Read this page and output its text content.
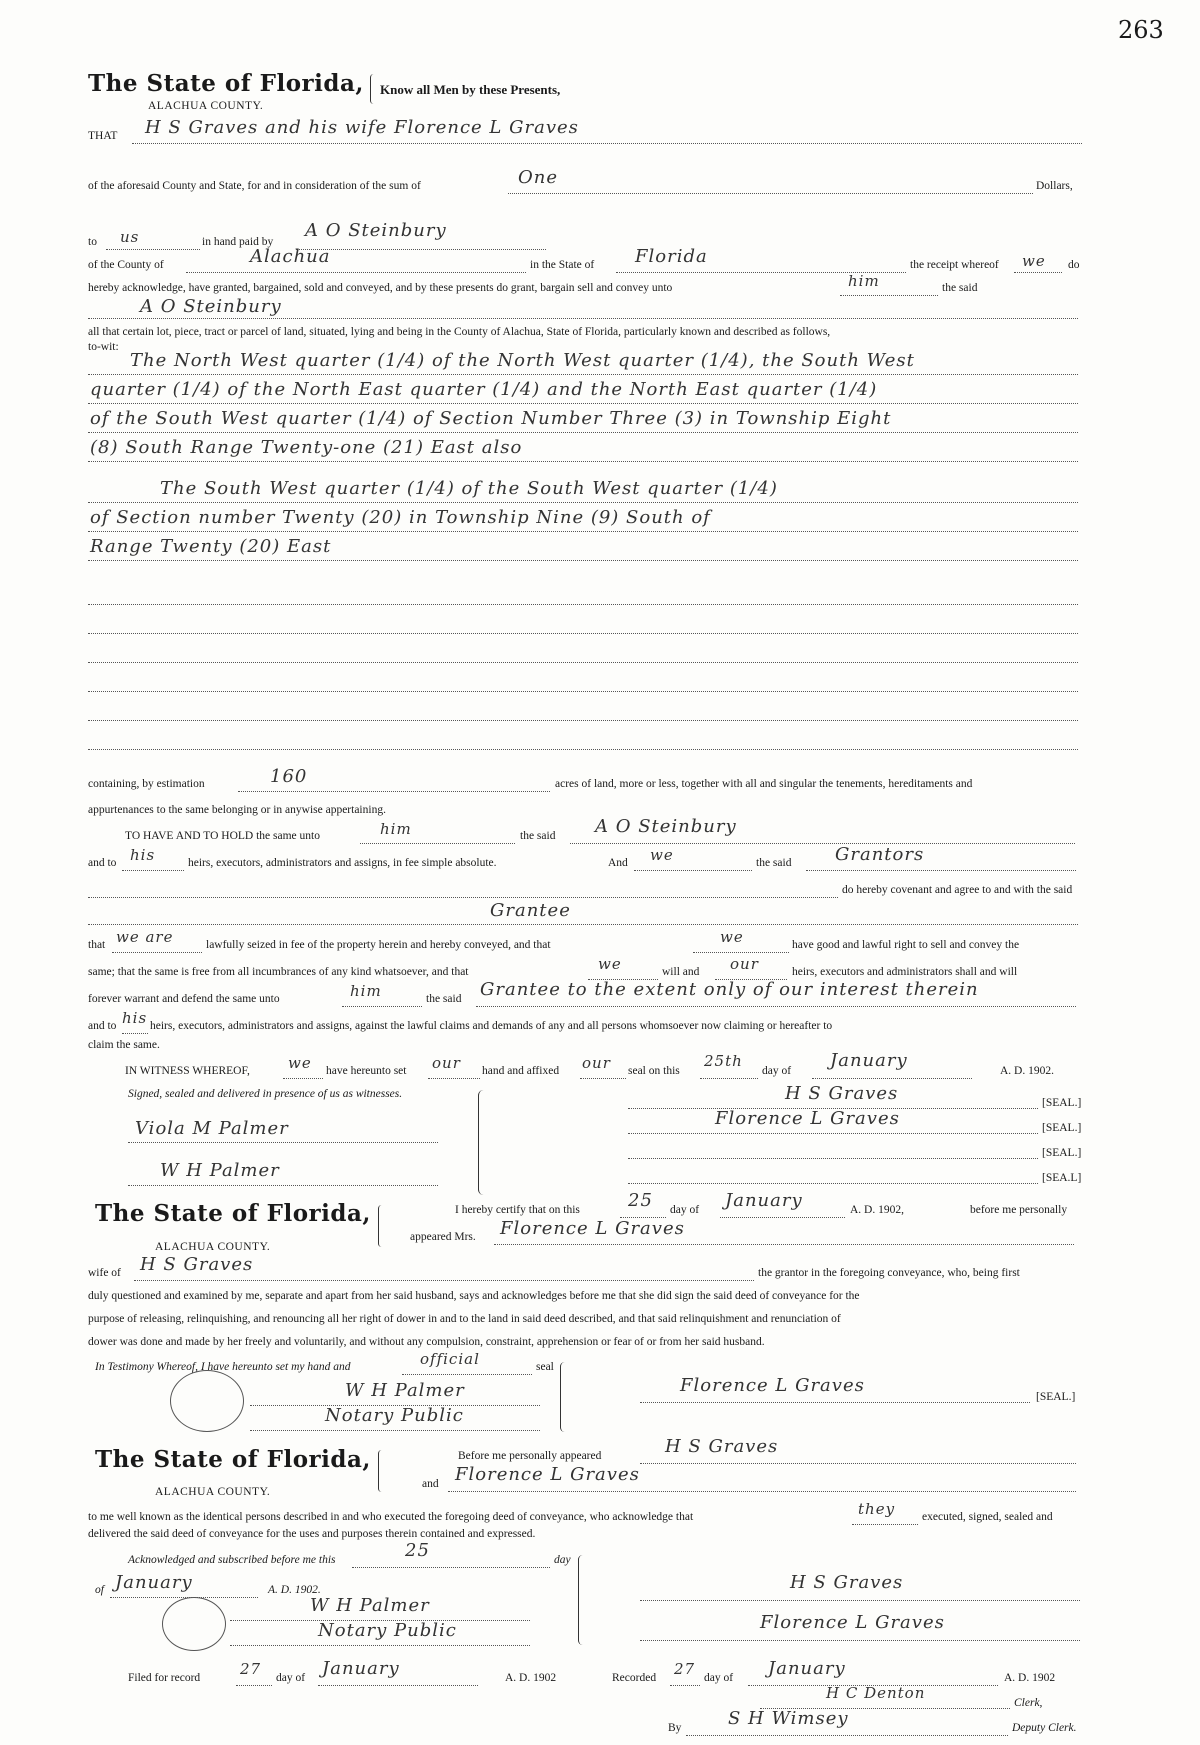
263
The State of Florida, Know all Men by these Presents,
ALACHUA COUNTY.
THAT H S Graves and his wife Florence L Graves
of the aforesaid County and State, for and in consideration of the sum of	One	Dollars,
to us	in hand paid by
A O Steinbury
of the County of	Alachua	in the State of Florida	the receipt whereof we do
hereby acknowledge, have granted, bargained, sold and conveyed, and by these presents do grant, bargain sell and convey unto	him	the said
A O Steinbury
all that certain lot, piece, tract or parcel of land, situated, lying and being in the County of Alachua, State of Florida, particularly known and described as follows,
to-wit:
The North West quarter (1/4) of the North West quarter (1/4), the South West
quarter (1/4) of the North East quarter (1/4) and the North East quarter (1/4)
of the South West quarter (1/4) of Section Number Three (3) in Township Eight
(8) South Range Twenty-one (21) East also
The South West quarter (1/4) of the South West quarter (1/4)
of Section number Twenty (20) in Township Nine (9) South of
Range Twenty (20) East
containing, by estimation	160	acres of land, more or less, together with all and singular the tenements, hereditaments and
appurtenances to the same belonging or in anywise appertaining.
TO HAVE AND TO HOLD the same unto	him	the said A O Steinbury
and to his	heirs, executors, administrators and assigns, in fee simple absolute.	And we	the said Grantors
do hereby covenant and agree to and with the said
Grantee
that we are	lawfully seized in fee of the property herein and hereby conveyed, and that	we	have good and lawful right to sell and convey the
same; that the same is free from all incumbrances of any kind whatsoever, and that	we	will and our	heirs, executors and administrators shall and will
forever warrant and defend the same unto	him	the said Grantee to the extent only of our interest therein
and to his heirs, executors, administrators and assigns, against the lawful claims and demands of any and all persons whomsoever now claiming or hereafter to
claim the same.
IN WITNESS WHEREOF,	we have hereunto set our hand and affixed our seal on this
25th
day of January	A. D. 1902.
Signed, sealed and delivered in presence of us as witnesses.
Viola M Palmer
W H Palmer
H S Graves	[SEAL.]
Florence L Graves	[SEAL.]
[SEAL.]
[SEA.L]
The State of Florida,
ALACHUA COUNTY.
I hereby certify that on this	25 day of January	A. D. 1902,	before me personally
appeared Mrs. Florence L Graves
wife of H S Graves	the grantor in the foregoing conveyance, who, being first
duly questioned and examined by me, separate and apart from her said husband, says and acknowledges before me that she did sign the said deed of conveyance for the
purpose of releasing, relinquishing, and renouncing all her right of dower in and to the land in said deed described, and that said relinquishment and renunciation of
dower was done and made by her freely and voluntarily, and without any compulsion, constraint, apprehension or fear of or from her said husband.
In Testimony Whereof, I have hereunto set my hand and	official	seal
W H Palmer
Notary Public
Florence L Graves
[SEAL.]
The State of Florida,
ALACHUA COUNTY.
Before me personally appeared	H S Graves
and Florence L Graves
to me well known as the identical persons described in and who executed the foregoing deed of conveyance, who acknowledge that	they executed, signed, sealed and
delivered the said deed of conveyance for the uses and purposes therein contained and expressed.
Acknowledged and subscribed before me this	25	day
of January	A. D. 1902.
W H Palmer
Notary Public
H S Graves
Florence L Graves
Filed for record	27 day of January	A. D. 1902	Recorded 27 day of January	A. D. 1902
H C Denton
Clerk,
By	S H Wimsey	Deputy Clerk.
